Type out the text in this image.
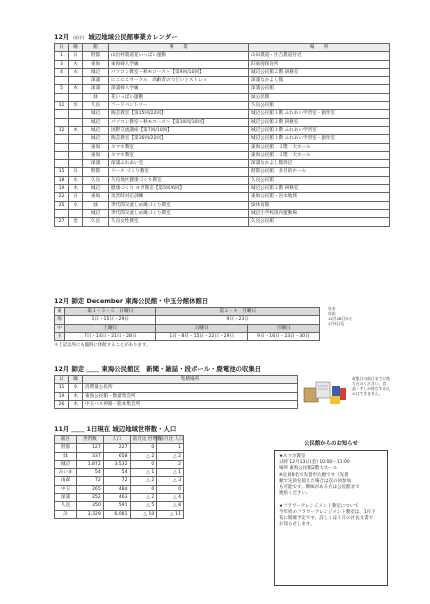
12月 (前半) 城辺地域公民館事業カレンダー
日	曜	館	事　　業	場　　所
1	日	偕都	山出村農道花いっぱい運動	山田農道・住吉農道付近
3	火	東海	東海婦人学級	旧東海保育所
4	水	城辺	パソコン教室～秋モコース～【第9回/10回】	城辺公民館２階 研修室
		深浦	にこにこサークル　高齢者のつどいとストレッ	深浦なかよし館
5	木	深浦	深浦婦人学級	深浦公民館
		緑	花いっぱい運動	緑公民館
11	水	久良	フードパントリー	久良公民館
		城辺	陶芸教室【第15回/22回】	城辺公民館１階 ふれあい学習室・創作室
		城辺	パソコン教室～秋モコース～【第10回/10回】	城辺公民館２階 研修室
12	木	城辺	国際交流講座【第7回/10回】	城辺公民館１階 ふれあい学習室
		城辺	陶芸教室【第16回/22回】	城辺公民館１階 ふれあい学習室・創作室
		東海	スマホ教室	東海公民館　２階　大ホール
		東海	スマホ教室	東海公民館　２階　大ホール
		深浦	深浦ふれあい会	深浦なかよし館周辺
15	日	偕都	リース づくり教室	偕都公民館　多目的ホール
18	水	久良	久良地区健康づくり教室	久良公民館
19	木	城辺	健康づくり ヨガ教室【第5回/6回】	城辺公民館２階 研修室
22	日	東海	災害時対応訓練	東海公民館・岩水地域
25	水	緑	世代間交流しめ縄づくり教室	緑体育館
		城辺	世代間交流しめ縄づくり教室	城辺小学校図内運動場
27	金	久良	久良女性教室	久良公民館
12月 師走 December 東海公民館・中玉分館休館日
東	第１・３・５　日曜日	第２・４　月曜日	
海	1日・15日・29日	9日・23日	
中	土曜日	日曜日	月曜日
玉	7日・14日・21日・28日	1日・8日・15日・22日・29日	9日・16日・23日・30日
年末
年始
12月28日から
1月5日迄
＊上記以外にも臨時に休館することがあります。
12月 師走 ＿＿ 東海公民館区　新聞・雑誌・段ボール・廃電池の収集日
日	曜	集積場所
11	水	消費量公民所
19	木	東海公民館・数量集会所
26	木	中玉バス停路・脂本集会所
収集日の前日までに持ち込みください。食品・手しか持ちする込みはできません。
11月 ＿＿ 1日現在 城辺地域世帯数・人口
館区	世帯数	人口	前月比 世帯数	前月比 人口
偕都	127	227	0	1
緑	337	658	△ 2	△ 2
城辺	1,872	3,532	0	2
みいま	54	54	△ 1	△ 1
雨森	72	72	△ 2	△ 3
中玉	265	484	0	0
深浦	252	463	△ 2	△ 4
久良	350	591	△ 5	△ 8
計	3,329	6,081	△ 10	△ 11
公民館からのお知らせ
★スマホ教室
日時 12月13日(金) 10:00～11:00
場所 東海公民館2階大ホール
※定員8名で先着申込順です（先着
順で定員を超えた場合は次の回参加
も可能です。興味がある方は公民館まで
連絡ください。

★フラワーアレンジメント教室について
今年度のフラワーアレンジメント教室は、1月下
旬に開催予定です。詳しくは１月の区長文書で
お知らせします。
